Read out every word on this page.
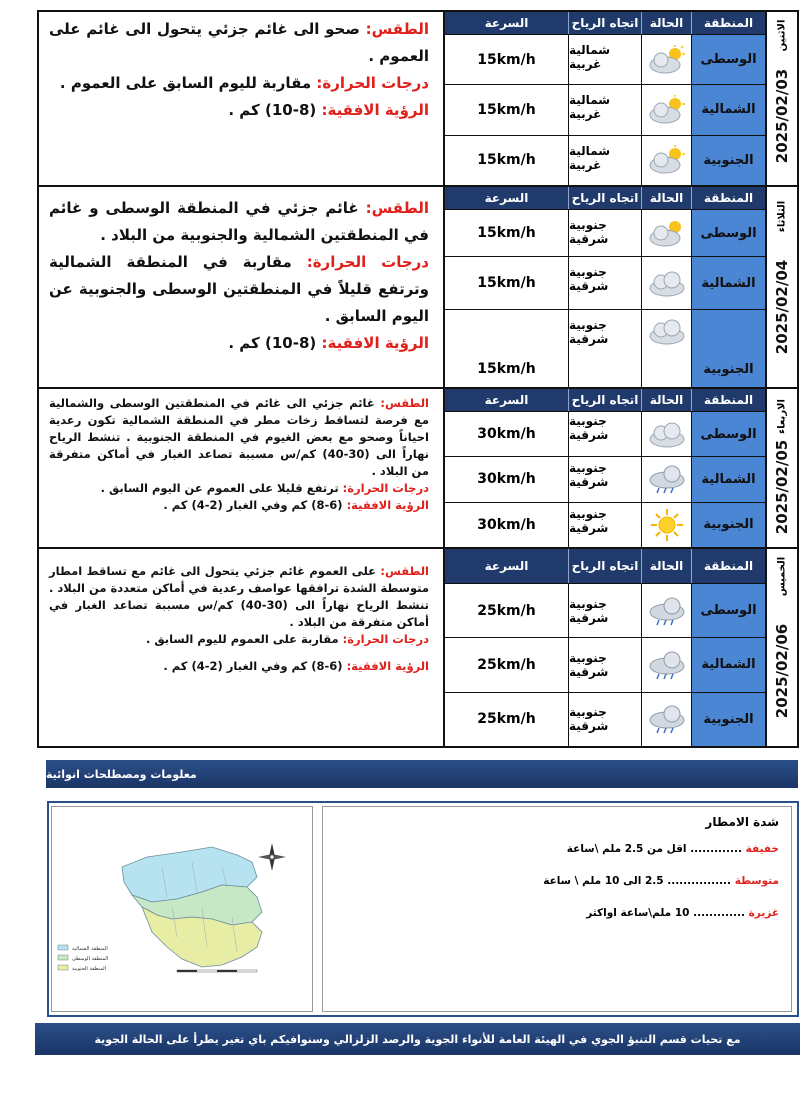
الاثنين
2025/02/03
المنطقة
الحالة
اتجاه الرياح
السرعة
الوسطى
شمالية غربية
15km/h
الشمالية
شمالية غربية
15km/h
الجنوبية
شمالية غربية
15km/h

الطقس: صحو الى غائم جزئي يتحول الى غائم على العموم .

درجات الحرارة: مقاربة لليوم السابق على العموم .

الرؤية الافقية: (8-10) كم .

الثلاثاء
2025/02/04
المنطقة
الحالة
اتجاه الرياح
السرعة
الوسطى
جنوبية شرقية
15km/h
الشمالية
جنوبية شرقية
15km/h
الجنوبية
جنوبية شرقية
15km/h

الطقس: غائم جزئي في المنطقة الوسطى و غائم في المنطقتين الشمالية والجنوبية من البلاد .

درجات الحرارة: مقاربة في المنطقة الشمالية وترتفع قليلاً في المنطقتين الوسطى والجنوبية عن اليوم السابق .

الرؤية الافقية: (8-10) كم .

الاربعاء
2025/02/05
المنطقة
الحالة
اتجاه الرياح
السرعة
الوسطى
جنوبية شرقية
30km/h
الشمالية
جنوبية شرقية
30km/h
الجنوبية
جنوبية شرقية
30km/h

الطقس: غائم جزئي الى غائم في المنطقتين الوسطى والشمالية مع فرصة لتساقط زخات مطر في المنطقة الشمالية تكون رعدية احياناً وصحو مع بعض الغيوم في المنطقة الجنوبية . تنشط الرياح نهاراً الى (30-40) كم/س مسببة تصاعد الغبار في أماكن متفرقة من البلاد .

درجات الحرارة: ترتفع قليلا على العموم عن اليوم السابق .

الرؤية الافقية: (6-8) كم وفي الغبار (2-4) كم .

الخميس
2025/02/06
المنطقة
الحالة
اتجاه الرياح
السرعة
الوسطى
جنوبية شرقية
25km/h
الشمالية
جنوبية شرقية
25km/h
الجنوبية
جنوبية شرقية
25km/h

الطقس: على العموم غائم جزئي يتحول الى غائم مع تساقط امطار متوسطة الشدة ترافقها عواصف رعدية في أماكن متعددة من البلاد . تنشط الرياح نهاراً الى (30-40) كم/س مسببة تصاعد الغبار في أماكن متفرقة من البلاد .

درجات الحرارة: مقاربة على العموم لليوم السابق .

الرؤية الافقية: (6-8) كم وفي الغبار (2-4) كم .

معلومات ومصطلحات انوائية
المنطقة الشمالية
المنطقة الوسطى
المنطقة الجنوبية
شدة الامطار

خفيفة ............. اقل من 2.5 ملم \ساعة

متوسطة ................ 2.5 الى 10 ملم \ ساعة

غزيرة ............. 10 ملم\ساعة اواكثر

مع تحيات قسم التنبؤ الجوي في الهيئة العامة للأنواء الجوية والرصد الزلزالي وسنوافيكم باي تغير يطرأ على الحالة الجوية
